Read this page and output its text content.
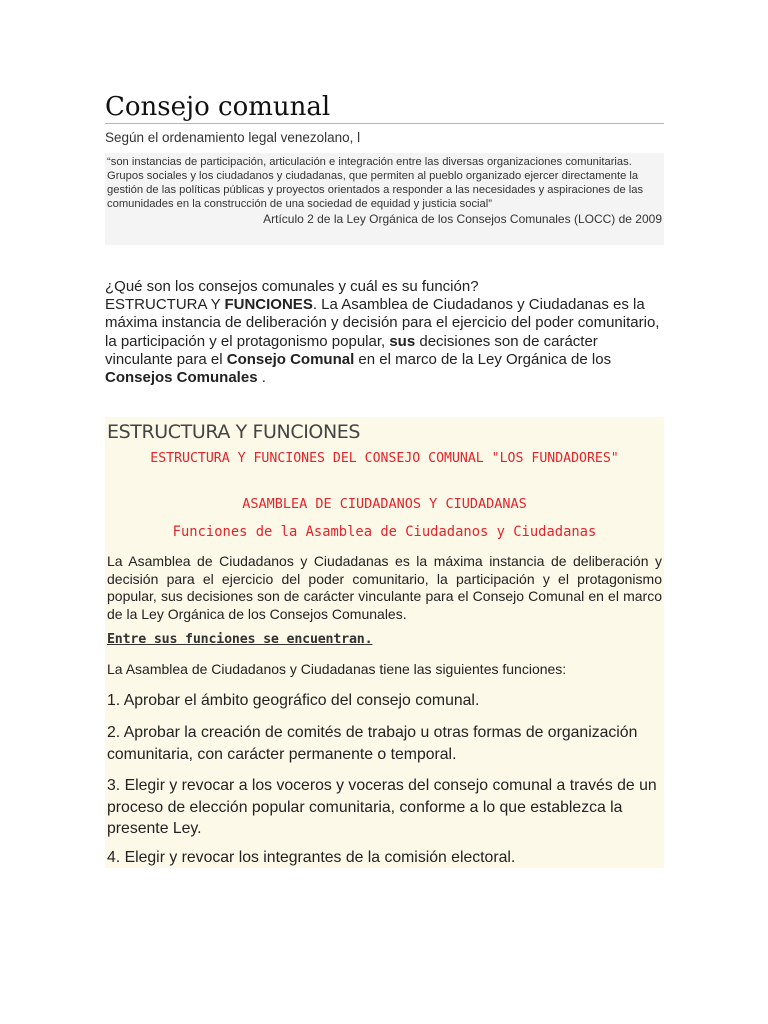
Consejo comunal
Según el ordenamiento legal venezolano, l

“son instancias de participación, articulación e integración entre las diversas organizaciones comunitarias. Grupos sociales y los ciudadanos y ciudadanas, que permiten al pueblo organizado ejercer directamente la gestión de las políticas públicas y proyectos orientados a responder a las necesidades y aspiraciones de las comunidades en la construcción de una sociedad de equidad y justicia social”

Artículo 2 de la Ley Orgánica de los Consejos Comunales (LOCC) de 2009
¿Qué son los consejos comunales y cuál es su función?
ESTRUCTURA Y FUNCIONES. La Asamblea de Ciudadanos y Ciudadanas es la máxima instancia de deliberación y decisión para el ejercicio del poder comunitario, la participación y el protagonismo popular, sus decisiones son de carácter vinculante para el Consejo Comunal en el marco de la Ley Orgánica de los Consejos Comunales .
ESTRUCTURA Y FUNCIONES
ESTRUCTURA Y FUNCIONES DEL CONSEJO COMUNAL "LOS FUNDADORES"
ASAMBLEA DE CIUDADANOS Y CIUDADANAS
Funciones de la Asamblea de Ciudadanos y Ciudadanas
La Asamblea de Ciudadanos y Ciudadanas es la máxima instancia de deliberación y decisión para el ejercicio del poder comunitario, la participación y el protagonismo popular, sus decisiones son de carácter vinculante para el Consejo Comunal en el marco de la Ley Orgánica de los Consejos Comunales.
Entre sus funciones se encuentran.
La Asamblea de Ciudadanos y Ciudadanas tiene las siguientes funciones:
1. Aprobar el ámbito geográfico del consejo comunal.
2. Aprobar la creación de comités de trabajo u otras formas de organización comunitaria, con carácter permanente o temporal.
3. Elegir y revocar a los voceros y voceras del consejo comunal a través de un proceso de elección popular comunitaria, conforme a lo que establezca la presente Ley.
4. Elegir y revocar los integrantes de la comisión electoral.
